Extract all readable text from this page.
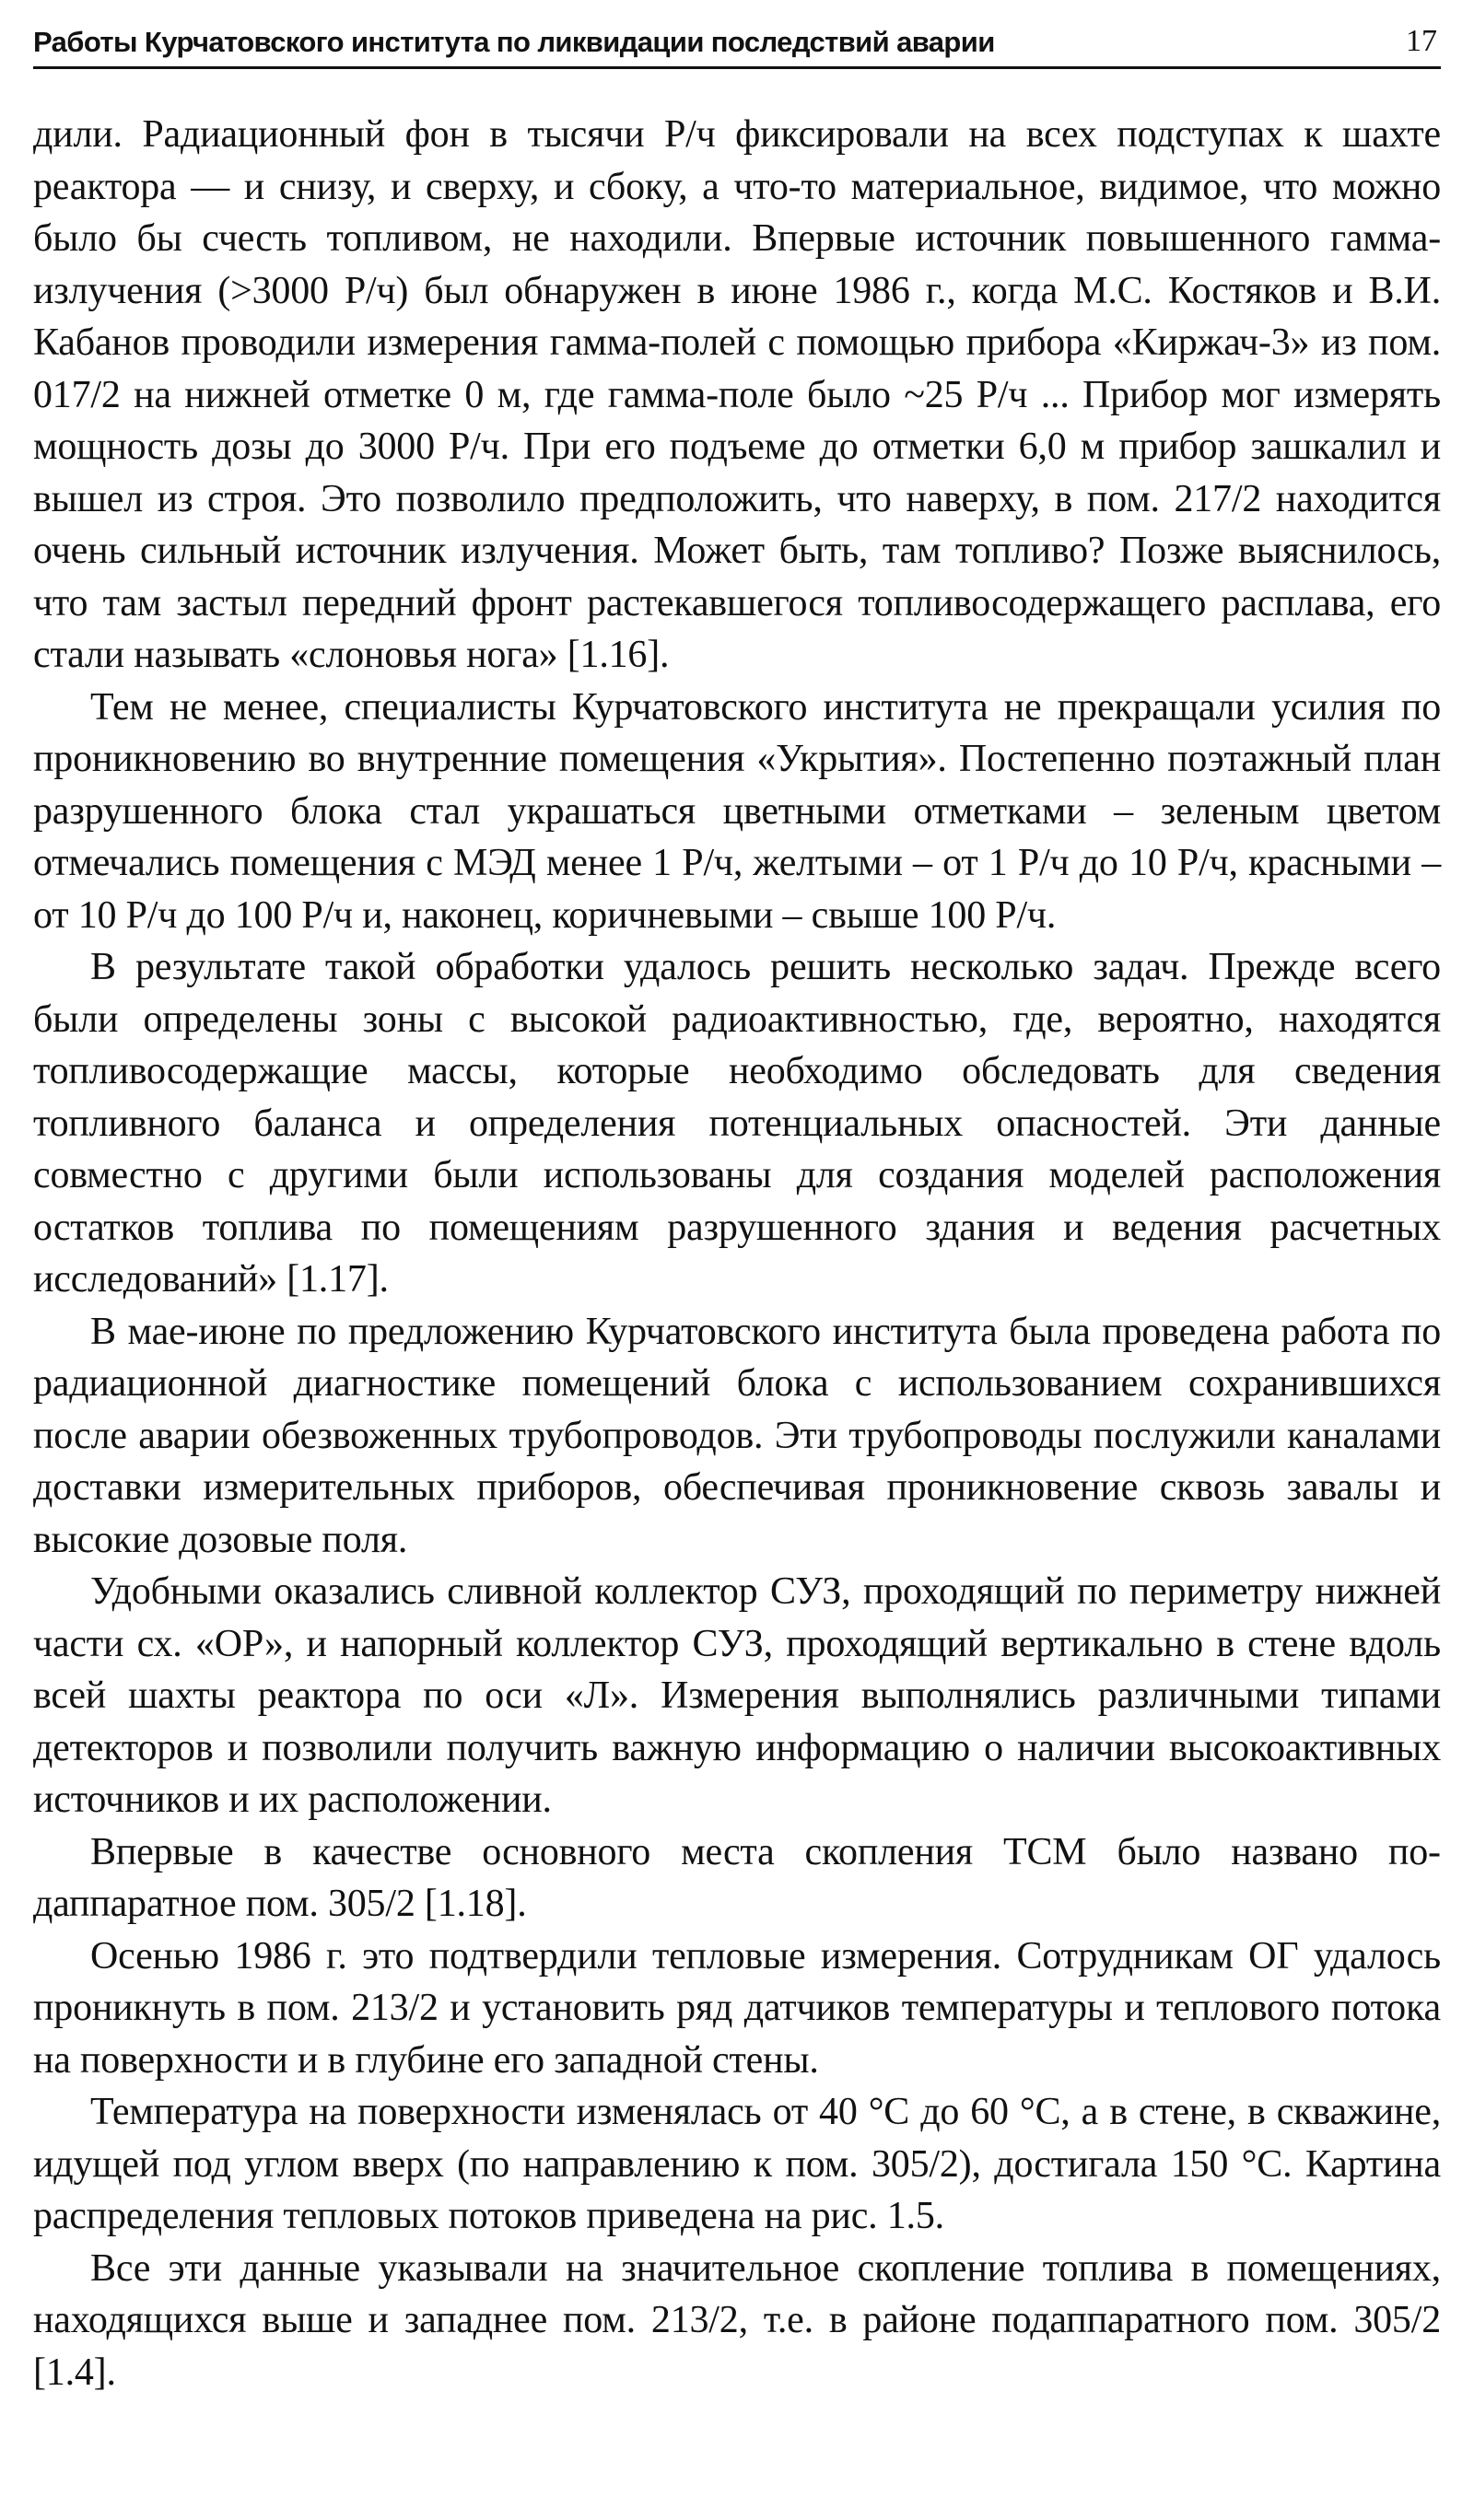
Работы Курчатовского института по ликвидации последствий аварии	17

дили. Радиационный фон в тысячи Р/ч фиксировали на всех подступах к шахте реактора — и снизу, и сверху, и сбоку, а что-то материальное, видимое, что можно было бы счесть топливом, не находили. Впервые источник повышенного гамма-излучения (>3000 Р/ч) был обнаружен в июне 1986 г., когда М.С. Костяков и В.И. Кабанов проводили измерения гамма-полей с помощью прибора «Киржач-3» из пом. 017/2 на нижней отметке 0 м, где гамма-поле было ~25 Р/ч ... Прибор мог измерять мощность дозы до 3000 Р/ч. При его подъеме до отметки 6,0 м прибор зашкалил и вышел из строя. Это позволило предположить, что наверху, в пом. 217/2 находится очень сильный источник излучения. Может быть, там топливо? Позже выяснилось, что там застыл передний фронт растекавшегося топливосодержащего расплава, его стали называть «слоновья нога» [1.16].

Тем не менее, специалисты Курчатовского института не прекращали усилия по проникновению во внутренние помещения «Укрытия». Постепенно поэтажный план разрушенного блока стал украшаться цветными отметками – зеленым цветом отмечались помещения с МЭД менее 1 Р/ч, желтыми – от 1 Р/ч до 10 Р/ч, красными – от 10 Р/ч до 100 Р/ч и, наконец, коричневыми – свыше 100 Р/ч.

В результате такой обработки удалось решить несколько задач. Прежде всего были определены зоны с высокой радиоактивностью, где, вероятно, находятся топливосодержащие массы, которые необходимо обследовать для сведения топливного баланса и определения потенциальных опасностей. Эти данные совместно с другими были использованы для создания моделей расположения остатков топлива по помещениям разрушенного здания и ведения расчетных исследований» [1.17].

В мае-июне по предложению Курчатовского института была проведена работа по радиационной диагностике помещений блока с использованием сохранившихся после аварии обезвоженных трубопроводов. Эти трубопроводы послужили каналами доставки измерительных приборов, обеспечивая проникновение сквозь завалы и высокие дозовые поля.

Удобными оказались сливной коллектор СУЗ, проходящий по периметру нижней части сх. «ОР», и напорный коллектор СУЗ, проходящий вертикально в стене вдоль всей шахты реактора по оси «Л». Измерения выполнялись различными типами детекторов и позволили получить важную информацию о наличии высокоактивных источников и их расположении.

Впервые в качестве основного места скопления ТСМ было названо подаппаратное пом. 305/2 [1.18].

Осенью 1986 г. это подтвердили тепловые измерения. Сотрудникам ОГ удалось проникнуть в пом. 213/2 и установить ряд датчиков температуры и теплового потока на поверхности и в глубине его западной стены.

Температура на поверхности изменялась от 40 °С до 60 °С, а в стене, в скважине, идущей под углом вверх (по направлению к пом. 305/2), достигала 150 °С. Картина распределения тепловых потоков приведена на рис. 1.5.

Все эти данные указывали на значительное скопление топлива в помещениях, находящихся выше и западнее пом. 213/2, т.е. в районе подаппаратного пом. 305/2 [1.4].
